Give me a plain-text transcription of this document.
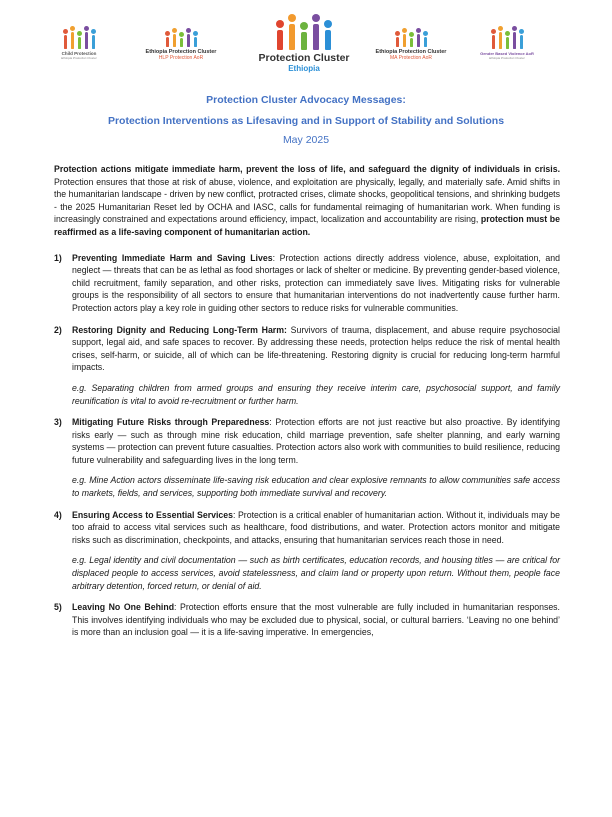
Child Protection
Ethiopia Protection Cluster
Ethiopia Protection Cluster
HLP Protection AoR	Protection Cluster
Ethiopia
Ethiopia Protection Cluster
MA Protection AoR
Gender Based Violence AoR
Ethiopia Protection Cluster
Protection Cluster Advocacy Messages:
Protection Interventions as Lifesaving and in Support of Stability and Solutions
May 2025
Protection actions mitigate immediate harm, prevent the loss of life, and safeguard the dignity of individuals in crisis. Protection ensures that those at risk of abuse, violence, and exploitation are physically, legally, and materially safe. Amid shifts in the humanitarian landscape - driven by new conflict, protracted crises, climate shocks, geopolitical tensions, and shrinking budgets - the 2025 Humanitarian Reset led by OCHA and IASC, calls for fundamental reimaging of humanitarian work. When funding is increasingly constrained and expectations around efficiency, impact, localization and accountability are rising, protection must be reaffirmed as a life-saving component of humanitarian action.
1) Preventing Immediate Harm and Saving Lives: Protection actions directly address violence, abuse, exploitation, and neglect — threats that can be as lethal as food shortages or lack of shelter or medicine. By preventing gender-based violence, child recruitment, family separation, and other risks, protection can immediately save lives. Mitigating risks for vulnerable groups is the responsibility of all sectors to ensure that humanitarian interventions do not inadvertently cause further harm. Protection actors play a key role in guiding other sectors to reduce risks for vulnerable communities.
2) Restoring Dignity and Reducing Long-Term Harm: Survivors of trauma, displacement, and abuse require psychosocial support, legal aid, and safe spaces to recover. By addressing these needs, protection helps reduce the risk of mental health crises, self-harm, or suicide, all of which can be life-threatening. Restoring dignity is crucial for reducing long-term harmful impacts.
e.g. Separating children from armed groups and ensuring they receive interim care, psychosocial support, and family reunification is vital to avoid re-recruitment or further harm.
3) Mitigating Future Risks through Preparedness: Protection efforts are not just reactive but also proactive. By identifying risks early — such as through mine risk education, child marriage prevention, safe shelter planning, and early warning systems — protection can prevent future casualties. Protection actors also work with communities to build resilience, reducing future vulnerability and safeguarding lives in the long term.
e.g. Mine Action actors disseminate life-saving risk education and clear explosive remnants to allow communities safe access to markets, fields, and services, supporting both immediate survival and recovery.
4) Ensuring Access to Essential Services: Protection is a critical enabler of humanitarian action. Without it, individuals may be too afraid to access vital services such as healthcare, food distributions, and water. Protection actors monitor and mitigate risks such as discrimination, checkpoints, and attacks, ensuring that humanitarian services reach those in need.
e.g. Legal identity and civil documentation — such as birth certificates, education records, and housing titles — are critical for displaced people to access services, avoid statelessness, and claim land or property upon return. Without them, people face arbitrary detention, forced return, or denial of aid.
5) Leaving No One Behind: Protection efforts ensure that the most vulnerable are fully included in humanitarian responses. This involves identifying individuals who may be excluded due to physical, social, or cultural barriers. ‘Leaving no one behind’ is more than an inclusion goal — it is a life-saving imperative. In emergencies,
